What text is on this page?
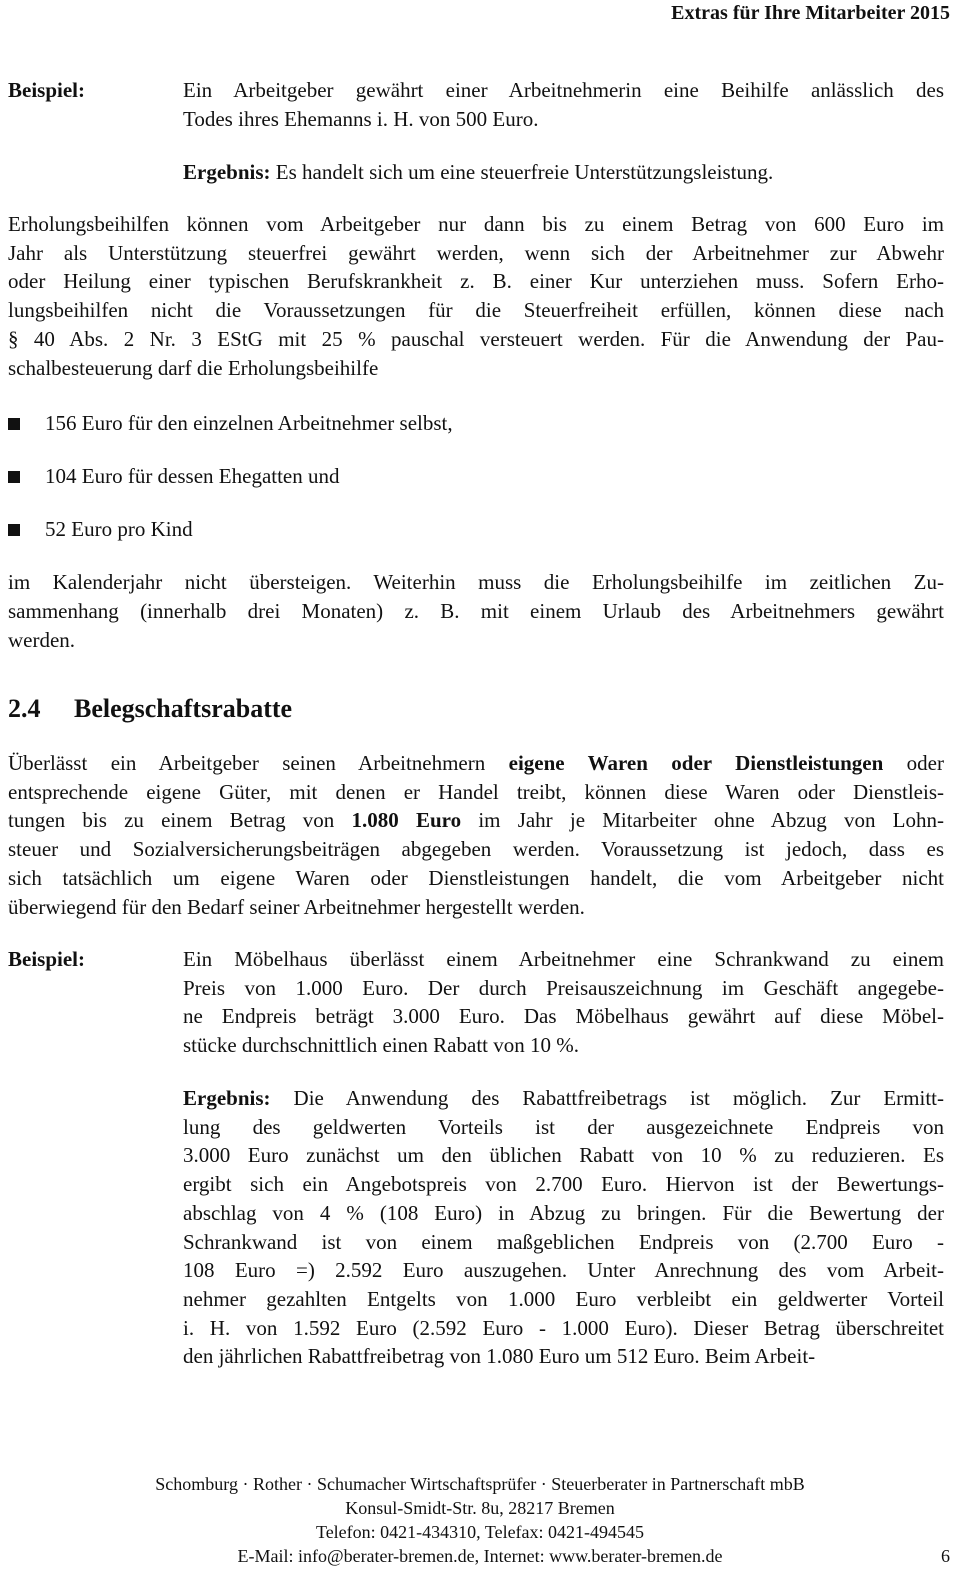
Extras für Ihre Mitarbeiter 2015
Beispiel:	Ein Arbeitgeber gewährt einer Arbeitnehmerin eine Beihilfe anlässlich des
Todes ihres Ehemanns i. H. von 500 Euro.
Ergebnis: Es handelt sich um eine steuerfreie Unterstützungsleistung.
Erholungsbeihilfen können vom Arbeitgeber nur dann bis zu einem Betrag von 600 Euro im
Jahr als Unterstützung steuerfrei gewährt werden, wenn sich der Arbeitnehmer zur Abwehr
oder Heilung einer typischen Berufskrankheit z. B. einer Kur unterziehen muss. Sofern Erho-
lungsbeihilfen nicht die Voraussetzungen für die Steuerfreiheit erfüllen, können diese nach
§ 40 Abs. 2 Nr. 3 EStG mit 25 % pauschal versteuert werden. Für die Anwendung der Pau-
schalbesteuerung darf die Erholungsbeihilfe
156 Euro für den einzelnen Arbeitnehmer selbst,
104 Euro für dessen Ehegatten und
52 Euro pro Kind
im Kalenderjahr nicht übersteigen. Weiterhin muss die Erholungsbeihilfe im zeitlichen Zu-
sammenhang (innerhalb drei Monaten) z. B. mit einem Urlaub des Arbeitnehmers gewährt
werden.
2.4 Belegschaftsrabatte
Überlässt ein Arbeitgeber seinen Arbeitnehmern eigene Waren oder Dienstleistungen oder
entsprechende eigene Güter, mit denen er Handel treibt, können diese Waren oder Dienstleis-
tungen bis zu einem Betrag von 1.080 Euro im Jahr je Mitarbeiter ohne Abzug von Lohn-
steuer und Sozialversicherungsbeiträgen abgegeben werden. Voraussetzung ist jedoch, dass es
sich tatsächlich um eigene Waren oder Dienstleistungen handelt, die vom Arbeitgeber nicht
überwiegend für den Bedarf seiner Arbeitnehmer hergestellt werden.
Beispiel:	Ein Möbelhaus überlässt einem Arbeitnehmer eine Schrankwand zu einem
Preis von 1.000 Euro. Der durch Preisauszeichnung im Geschäft angegebe-
ne Endpreis beträgt 3.000 Euro. Das Möbelhaus gewährt auf diese Möbel-
stücke durchschnittlich einen Rabatt von 10 %.
Ergebnis: Die Anwendung des Rabattfreibetrags ist möglich. Zur Ermitt-
lung des geldwerten Vorteils ist der ausgezeichnete Endpreis von
3.000 Euro zunächst um den üblichen Rabatt von 10 % zu reduzieren. Es
ergibt sich ein Angebotspreis von 2.700 Euro. Hiervon ist der Bewertungs-
abschlag von 4 % (108 Euro) in Abzug zu bringen. Für die Bewertung der
Schrankwand ist von einem maßgeblichen Endpreis von (2.700 Euro -
108 Euro =) 2.592 Euro auszugehen. Unter Anrechnung des vom Arbeit-
nehmer gezahlten Entgelts von 1.000 Euro verbleibt ein geldwerter Vorteil
i. H. von 1.592 Euro (2.592 Euro - 1.000 Euro). Dieser Betrag überschreitet
den jährlichen Rabattfreibetrag von 1.080 Euro um 512 Euro. Beim Arbeit-
Schomburg · Rother · Schumacher Wirtschaftsprüfer · Steuerberater in Partnerschaft mbB
Konsul-Smidt-Str. 8u, 28217 Bremen
Telefon: 0421-434310, Telefax: 0421-494545
E-Mail: info@berater-bremen.de, Internet: www.berater-bremen.de	6
